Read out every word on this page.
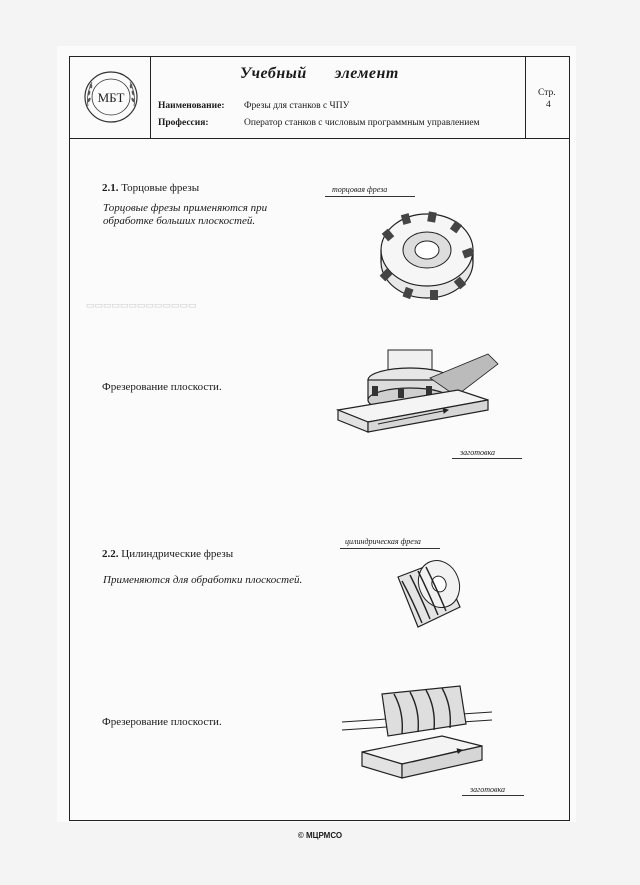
▭▭▭▭▭▭▭▭▭▭▭▭▭
МБТ
Учебный элемент
Наименование: Фрезы для станков с ЧПУ
Профессия:	Оператор станков с числовым программным управлением
Стр.
4
2.1. Торцовые фрезы
Торцовые фрезы применяются при обработке больших плоскостей.
торцовая фреза
Фрезерование плоскости.
заготовка
2.2. Цилиндрические фрезы
Применяются для обработки плоскостей.
цилиндрическая фреза
Фрезерование плоскости.
заготовка
© МЦРМСО
